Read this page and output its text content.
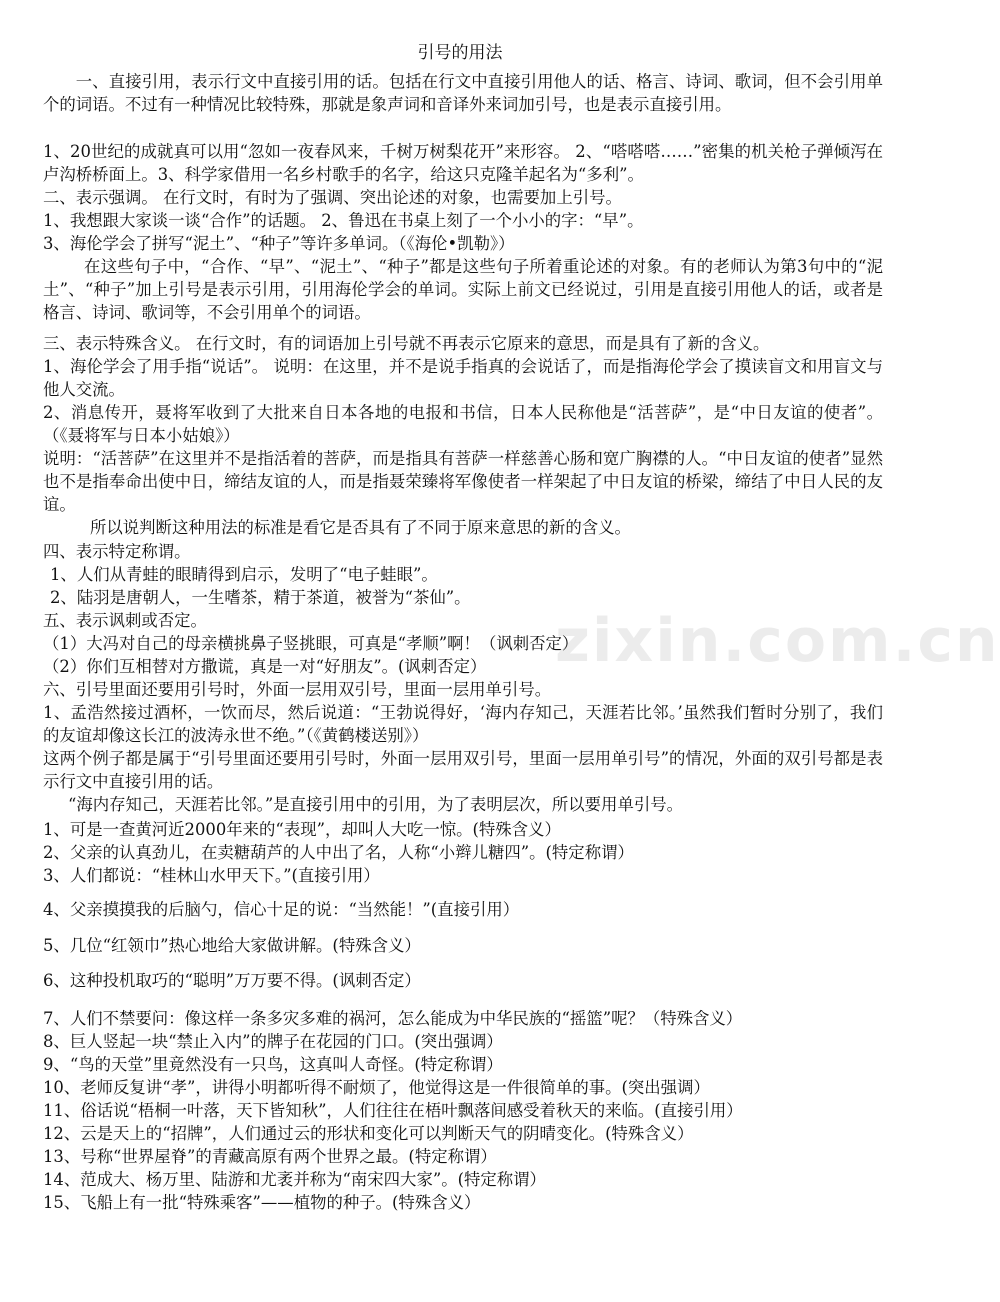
引号的用法
一、直接引用，表示行文中直接引用的话。包括在行文中直接引用他人的话、格言、诗词、歌词，但不会引用单个的词语。不过有一种情况比较特殊，那就是象声词和音译外来词加引号，也是表示直接引用。
1、20世纪的成就真可以用“忽如一夜春风来，千树万树梨花开”来形容。 2、“嗒嗒嗒……”密集的机关枪子弹倾泻在卢沟桥桥面上。3、科学家借用一名乡村歌手的名字，给这只克隆羊起名为“多利”。
二、表示强调。 在行文时，有时为了强调、突出论述的对象，也需要加上引号。
1、我想跟大家谈一谈“合作”的话题。 2、鲁迅在书桌上刻了一个小小的字：“早”。
3、海伦学会了拼写“泥土”、“种子”等许多单词。（《海伦•凯勒》）
在这些句子中，“合作、“早”、“泥土”、“种子”都是这些句子所着重论述的对象。有的老师认为第3句中的“泥土”、“种子”加上引号是表示引用，引用海伦学会的单词。实际上前文已经说过，引用是直接引用他人的话，或者是格言、诗词、歌词等，不会引用单个的词语。
三、表示特殊含义。 在行文时，有的词语加上引号就不再表示它原来的意思，而是具有了新的含义。
1、海伦学会了用手指“说话”。 说明：在这里，并不是说手指真的会说话了，而是指海伦学会了摸读盲文和用盲文与他人交流。
2、消息传开，聂将军收到了大批来自日本各地的电报和书信，日本人民称他是“活菩萨”，是“中日友谊的使者”。（《聂将军与日本小姑娘》）
说明：“活菩萨”在这里并不是指活着的菩萨，而是指具有菩萨一样慈善心肠和宽广胸襟的人。“中日友谊的使者”显然也不是指奉命出使中日，缔结友谊的人，而是指聂荣臻将军像使者一样架起了中日友谊的桥梁，缔结了中日人民的友谊。
所以说判断这种用法的标准是看它是否具有了不同于原来意思的新的含义。
四、表示特定称谓。
1、人们从青蛙的眼睛得到启示，发明了“电子蛙眼”。
2、陆羽是唐朝人，一生嗜茶，精于茶道，被誉为“茶仙”。
五、表示讽刺或否定。
（1）大冯对自己的母亲横挑鼻子竖挑眼，可真是“孝顺”啊！（讽刺否定）
（2）你们互相替对方撒谎，真是一对“好朋友”。(讽刺否定）
六、引号里面还要用引号时，外面一层用双引号，里面一层用单引号。
1、孟浩然接过酒杯，一饮而尽，然后说道：“王勃说得好，‘海内存知己，天涯若比邻。’虽然我们暂时分别了，我们的友谊却像这长江的波涛永世不绝。”（《黄鹤楼送别》）
这两个例子都是属于“引号里面还要用引号时，外面一层用双引号，里面一层用单引号”的情况，外面的双引号都是表示行文中直接引用的话。
“海内存知己，天涯若比邻。”是直接引用中的引用，为了表明层次，所以要用单引号。
1、可是一查黄河近2000年来的“表现”，却叫人大吃一惊。(特殊含义）
2、父亲的认真劲儿，在卖糖葫芦的人中出了名，人称“小辫儿糖四”。(特定称谓）
3、人们都说：“桂林山水甲天下。”(直接引用）
4、父亲摸摸我的后脑勺，信心十足的说：“当然能！”(直接引用）
5、几位“红领巾”热心地给大家做讲解。(特殊含义）
6、这种投机取巧的“聪明”万万要不得。(讽刺否定）
7、人们不禁要问：像这样一条多灾多难的祸河，怎么能成为中华民族的“摇篮”呢？（特殊含义）
8、巨人竖起一块“禁止入内”的牌子在花园的门口。(突出强调）
9、“鸟的天堂”里竟然没有一只鸟，这真叫人奇怪。(特定称谓）
10、老师反复讲“孝”，讲得小明都听得不耐烦了，他觉得这是一件很简单的事。(突出强调）
11、俗话说“梧桐一叶落，天下皆知秋”，人们往往在梧叶飘落间感受着秋天的来临。(直接引用）
12、云是天上的“招牌”，人们通过云的形状和变化可以判断天气的阴晴变化。(特殊含义）
13、号称“世界屋脊”的青藏高原有两个世界之最。(特定称谓）
14、范成大、杨万里、陆游和尤袤并称为“南宋四大家”。(特定称谓）
15、飞船上有一批“特殊乘客”——植物的种子。(特殊含义）
zixin.com.cn
